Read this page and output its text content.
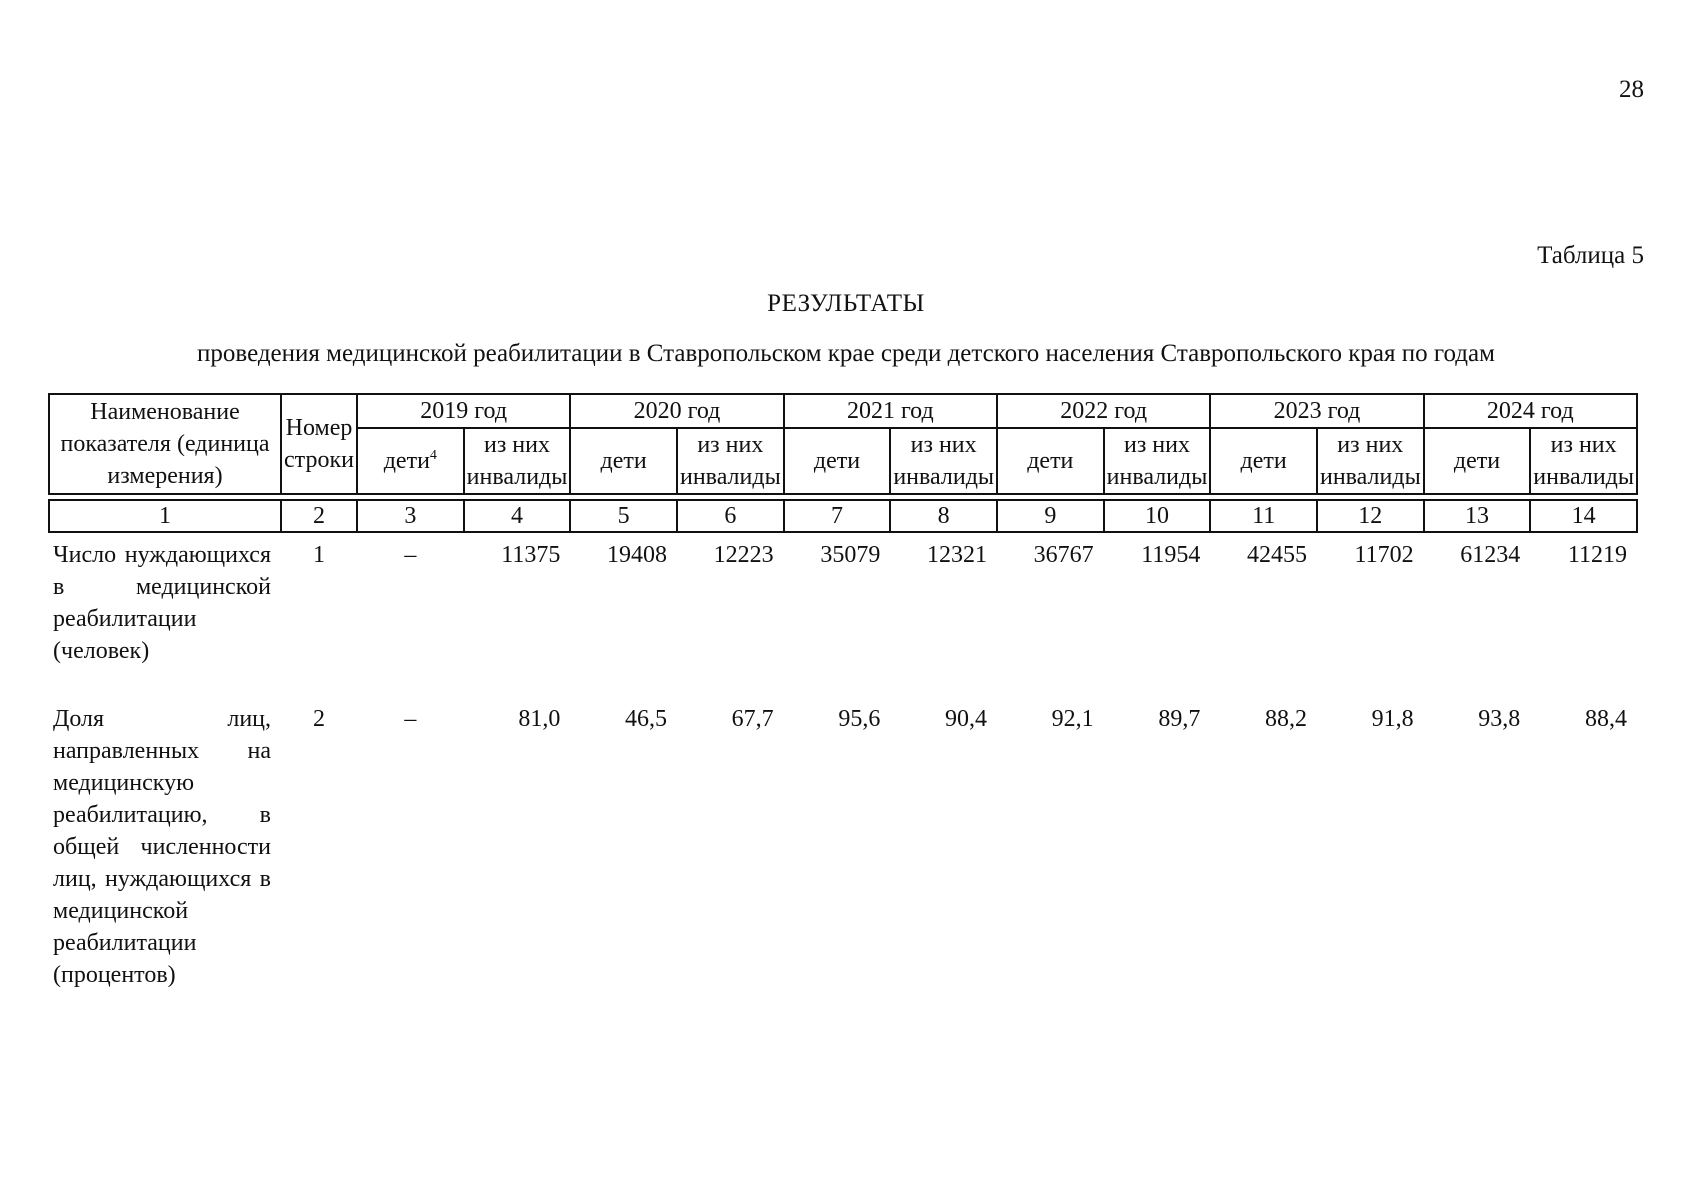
28
Таблица 5
РЕЗУЛЬТАТЫ
проведения медицинской реабилитации в Ставропольском крае среди детского населения Ставропольского края по годам
Наименование показателя (единица измерения)	Номер строки	2019 год		2020 год		2021 год		2022 год		2023 год		2024 год	
		дети$^4$	из них инвалиды	дети	из них инвалиды	дети	из них инвалиды	дети	из них инвалиды	дети	из них инвалиды	дети	из них инвалиды

1	2	3	4	5	6	7	8	9	10	11	12	13	14
Число нуждающихся в медицинской реабилитации (человек)	1	–	11375	19408	12223	35079	12321	36767	11954	42455	11702	61234	11219
Доля лиц, направленных на медицинскую реабилитацию, в общей численности лиц, нуждающихся в медицинской реабилитации (процентов)	2	–	81,0	46,5	67,7	95,6	90,4	92,1	89,7	88,2	91,8	93,8	88,4
